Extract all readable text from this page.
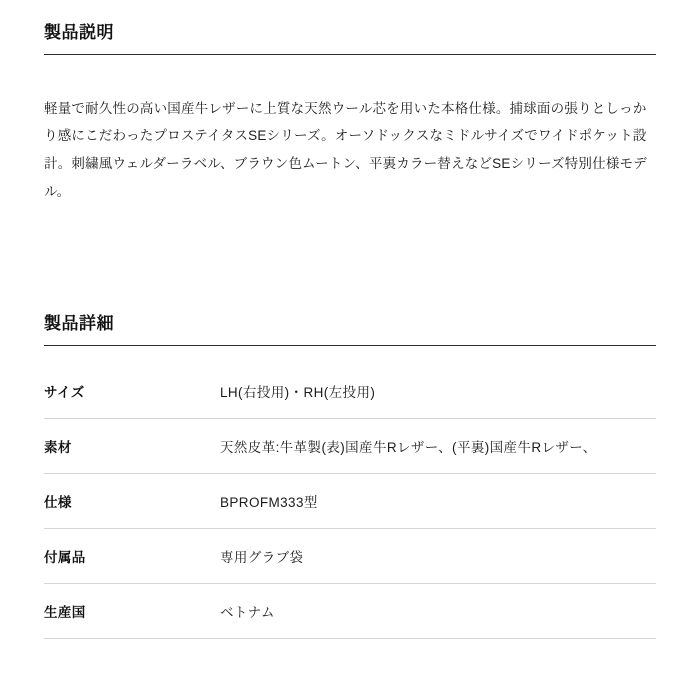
製品説明

軽量で耐久性の高い国産牛レザーに上質な天然ウール芯を用いた本格仕様。捕球面の張りとしっかり感にこだわったプロステイタスSEシリーズ。オーソドックスなミドルサイズでワイドポケット設計。刺繍風ウェルダーラベル、ブラウン色ムートン、平裏カラー替えなどSEシリーズ特別仕様モデル。

製品詳細
サイズ	LH(右投用)・RH(左投用)
素材	天然皮革:牛革製(表)国産牛Rレザー、(平裏)国産牛Rレザー、
仕様	BPROFM333型
付属品	専用グラブ袋
生産国	ベトナム
